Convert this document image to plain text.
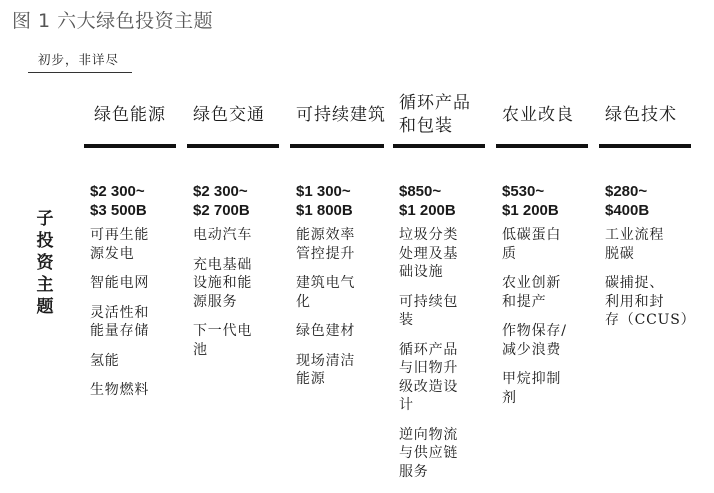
图 1 六大绿色投资主题
初步，非详尽
子
投
资
主
题
绿色能源
$2 300~
$3 500B
可再生能
源发电
智能电网
灵活性和
能量存储
氢能
生物燃料
绿色交通
$2 300~
$2 700B
电动汽车
充电基础
设施和能
源服务
下一代电
池
可持续建筑
$1 300~
$1 800B
能源效率
管控提升
建筑电气
化
绿色建材
现场清洁
能源
循环产品
和包装
$850~
$1 200B
垃圾分类
处理及基
础设施
可持续包
装
循环产品
与旧物升
级改造设
计
逆向物流
与供应链
服务
农业改良
$530~
$1 200B
低碳蛋白
质
农业创新
和提产
作物保存/
减少浪费
甲烷抑制
剂
绿色技术
$280~
$400B
工业流程
脱碳
碳捕捉、
利用和封
存（CCUS）
